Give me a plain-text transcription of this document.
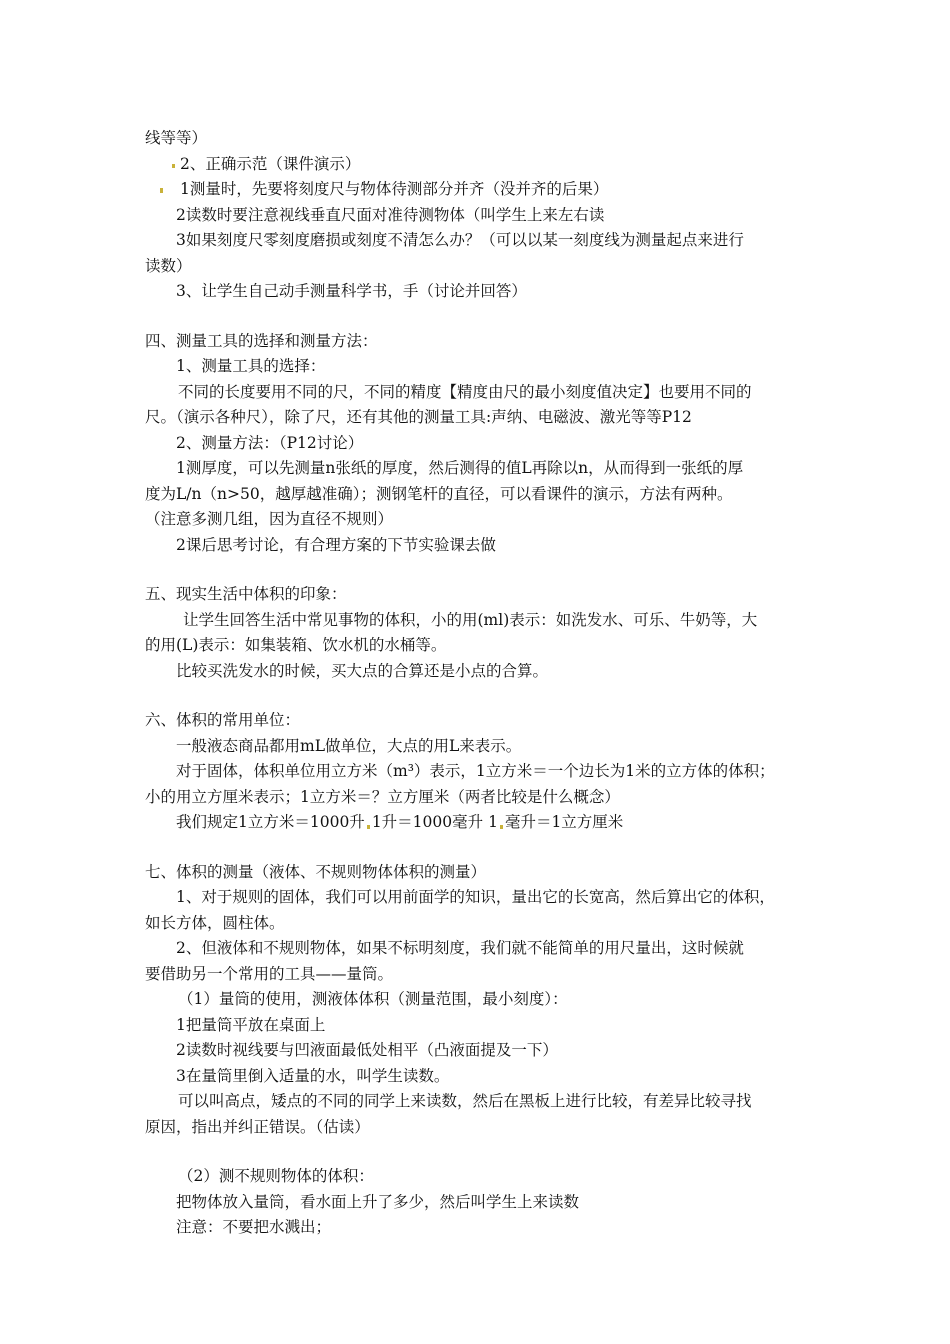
线等等）
2、正确示范（课件演示）
1测量时，先要将刻度尺与物体待测部分并齐（没并齐的后果）
2读数时要注意视线垂直尺面对准待测物体（叫学生上来左右读
3如果刻度尺零刻度磨损或刻度不清怎么办？（可以以某一刻度线为测量起点来进行
读数）
3、让学生自己动手测量科学书，手（讨论并回答）
四、测量工具的选择和测量方法：
1、测量工具的选择：
不同的长度要用不同的尺，不同的精度【精度由尺的最小刻度值决定】也要用不同的
尺。（演示各种尺），除了尺，还有其他的测量工具:声纳、电磁波、激光等等P12
2、测量方法：（P12讨论）
1测厚度，可以先测量n张纸的厚度，然后测得的值L再除以n，从而得到一张纸的厚
度为L/n（n>50，越厚越准确）；测钢笔杆的直径，可以看课件的演示，方法有两种。
（注意多测几组，因为直径不规则）
2课后思考讨论，有合理方案的下节实验课去做
五、现实生活中体积的印象：
让学生回答生活中常见事物的体积，小的用(ml)表示：如洗发水、可乐、牛奶等，大
的用(L)表示：如集装箱、饮水机的水桶等。
比较买洗发水的时候，买大点的合算还是小点的合算。
六、体积的常用单位：
一般液态商品都用mL做单位，大点的用L来表示。
对于固体，体积单位用立方米（m³）表示，1立方米＝一个边长为1米的立方体的体积；
小的用立方厘米表示；1立方米＝？立方厘米（两者比较是什么概念）
我们规定1立方米＝1000升 1升＝1000毫升 1 毫升＝1立方厘米
七、体积的测量（液体、不规则物体体积的测量）
1、对于规则的固体，我们可以用前面学的知识，量出它的长宽高，然后算出它的体积，
如长方体，圆柱体。
2、但液体和不规则物体，如果不标明刻度，我们就不能简单的用尺量出，这时候就
要借助另一个常用的工具——量筒。
（1）量筒的使用，测液体体积（测量范围，最小刻度）：
1把量筒平放在桌面上
2读数时视线要与凹液面最低处相平（凸液面提及一下）
3在量筒里倒入适量的水，叫学生读数。
可以叫高点，矮点的不同的同学上来读数，然后在黑板上进行比较，有差异比较寻找
原因，指出并纠正错误。（估读）
（2）测不规则物体的体积：
把物体放入量筒，看水面上升了多少，然后叫学生上来读数
注意：不要把水溅出；
